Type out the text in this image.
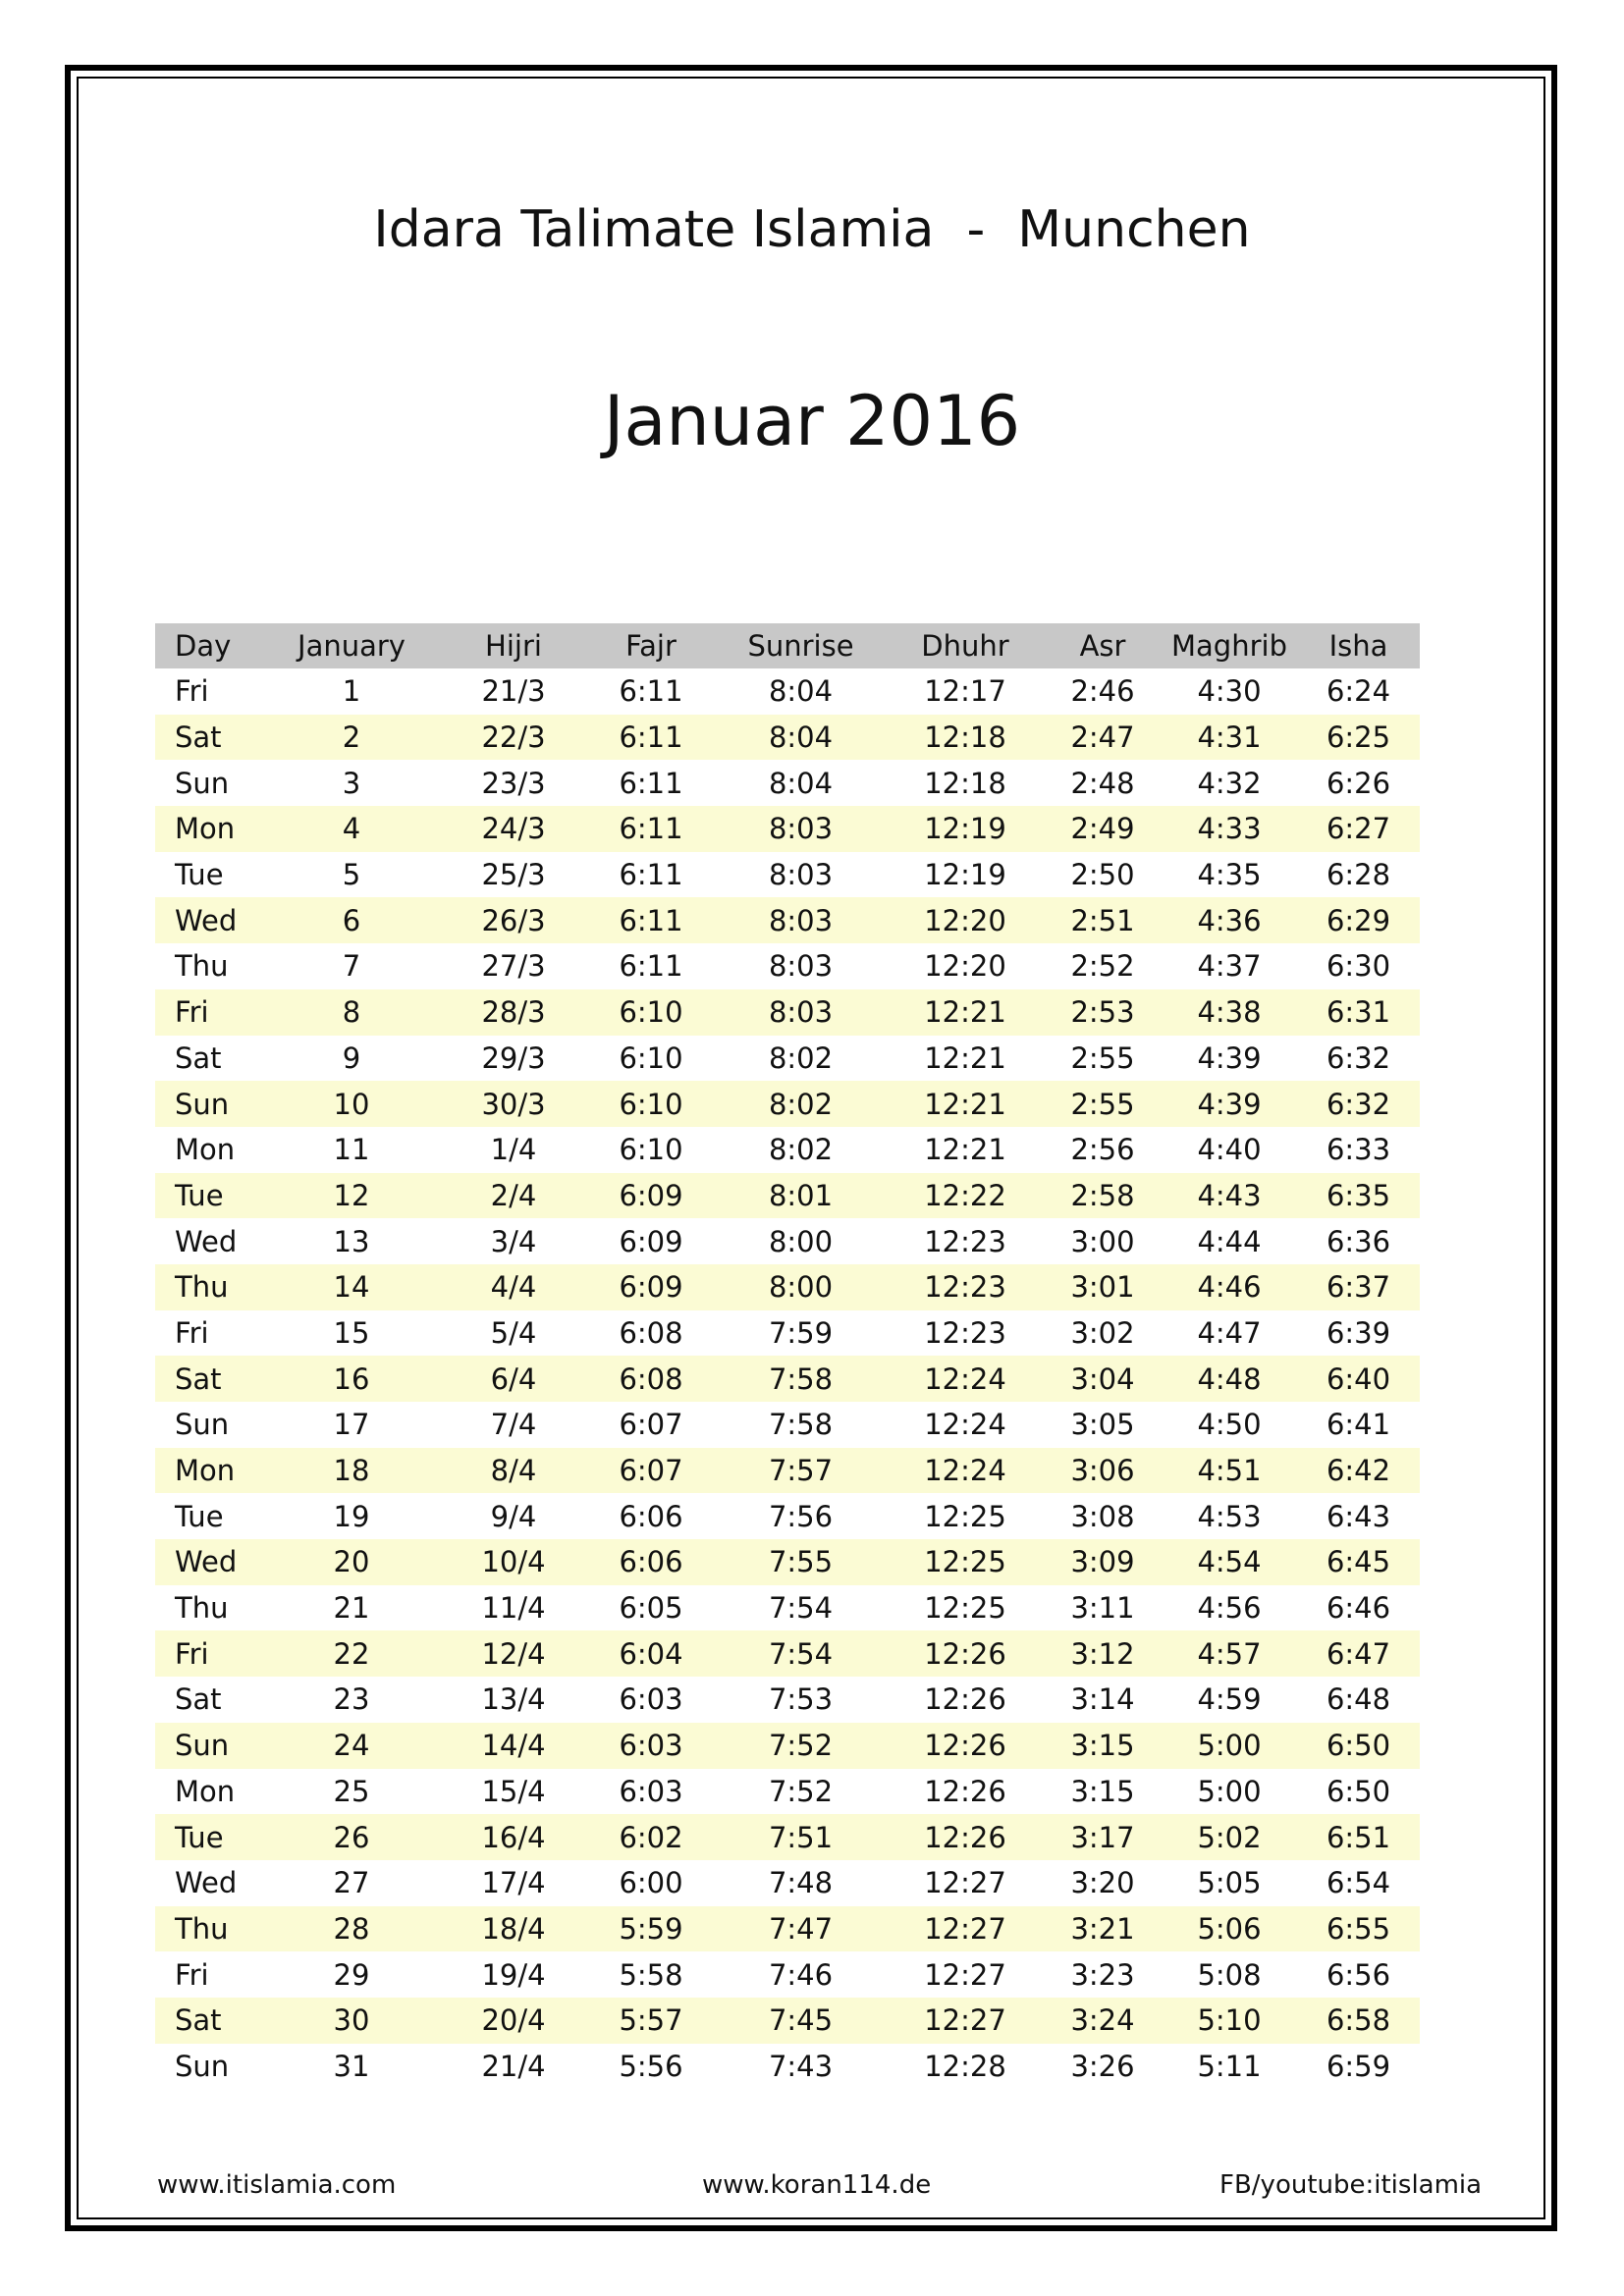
Idara Talimate Islamia  -  Munchen
Januar 2016
Day	January	Hijri	Fajr	Sunrise	Dhuhr	Asr	Maghrib	Isha
Fri	1	21/3	6:11	8:04	12:17	2:46	4:30	6:24
Sat	2	22/3	6:11	8:04	12:18	2:47	4:31	6:25
Sun	3	23/3	6:11	8:04	12:18	2:48	4:32	6:26
Mon	4	24/3	6:11	8:03	12:19	2:49	4:33	6:27
Tue	5	25/3	6:11	8:03	12:19	2:50	4:35	6:28
Wed	6	26/3	6:11	8:03	12:20	2:51	4:36	6:29
Thu	7	27/3	6:11	8:03	12:20	2:52	4:37	6:30
Fri	8	28/3	6:10	8:03	12:21	2:53	4:38	6:31
Sat	9	29/3	6:10	8:02	12:21	2:55	4:39	6:32
Sun	10	30/3	6:10	8:02	12:21	2:55	4:39	6:32
Mon	11	1/4	6:10	8:02	12:21	2:56	4:40	6:33
Tue	12	2/4	6:09	8:01	12:22	2:58	4:43	6:35
Wed	13	3/4	6:09	8:00	12:23	3:00	4:44	6:36
Thu	14	4/4	6:09	8:00	12:23	3:01	4:46	6:37
Fri	15	5/4	6:08	7:59	12:23	3:02	4:47	6:39
Sat	16	6/4	6:08	7:58	12:24	3:04	4:48	6:40
Sun	17	7/4	6:07	7:58	12:24	3:05	4:50	6:41
Mon	18	8/4	6:07	7:57	12:24	3:06	4:51	6:42
Tue	19	9/4	6:06	7:56	12:25	3:08	4:53	6:43
Wed	20	10/4	6:06	7:55	12:25	3:09	4:54	6:45
Thu	21	11/4	6:05	7:54	12:25	3:11	4:56	6:46
Fri	22	12/4	6:04	7:54	12:26	3:12	4:57	6:47
Sat	23	13/4	6:03	7:53	12:26	3:14	4:59	6:48
Sun	24	14/4	6:03	7:52	12:26	3:15	5:00	6:50
Mon	25	15/4	6:03	7:52	12:26	3:15	5:00	6:50
Tue	26	16/4	6:02	7:51	12:26	3:17	5:02	6:51
Wed	27	17/4	6:00	7:48	12:27	3:20	5:05	6:54
Thu	28	18/4	5:59	7:47	12:27	3:21	5:06	6:55
Fri	29	19/4	5:58	7:46	12:27	3:23	5:08	6:56
Sat	30	20/4	5:57	7:45	12:27	3:24	5:10	6:58
Sun	31	21/4	5:56	7:43	12:28	3:26	5:11	6:59
www.itislamia.com	www.koran114.de	FB/youtube:itislamia
